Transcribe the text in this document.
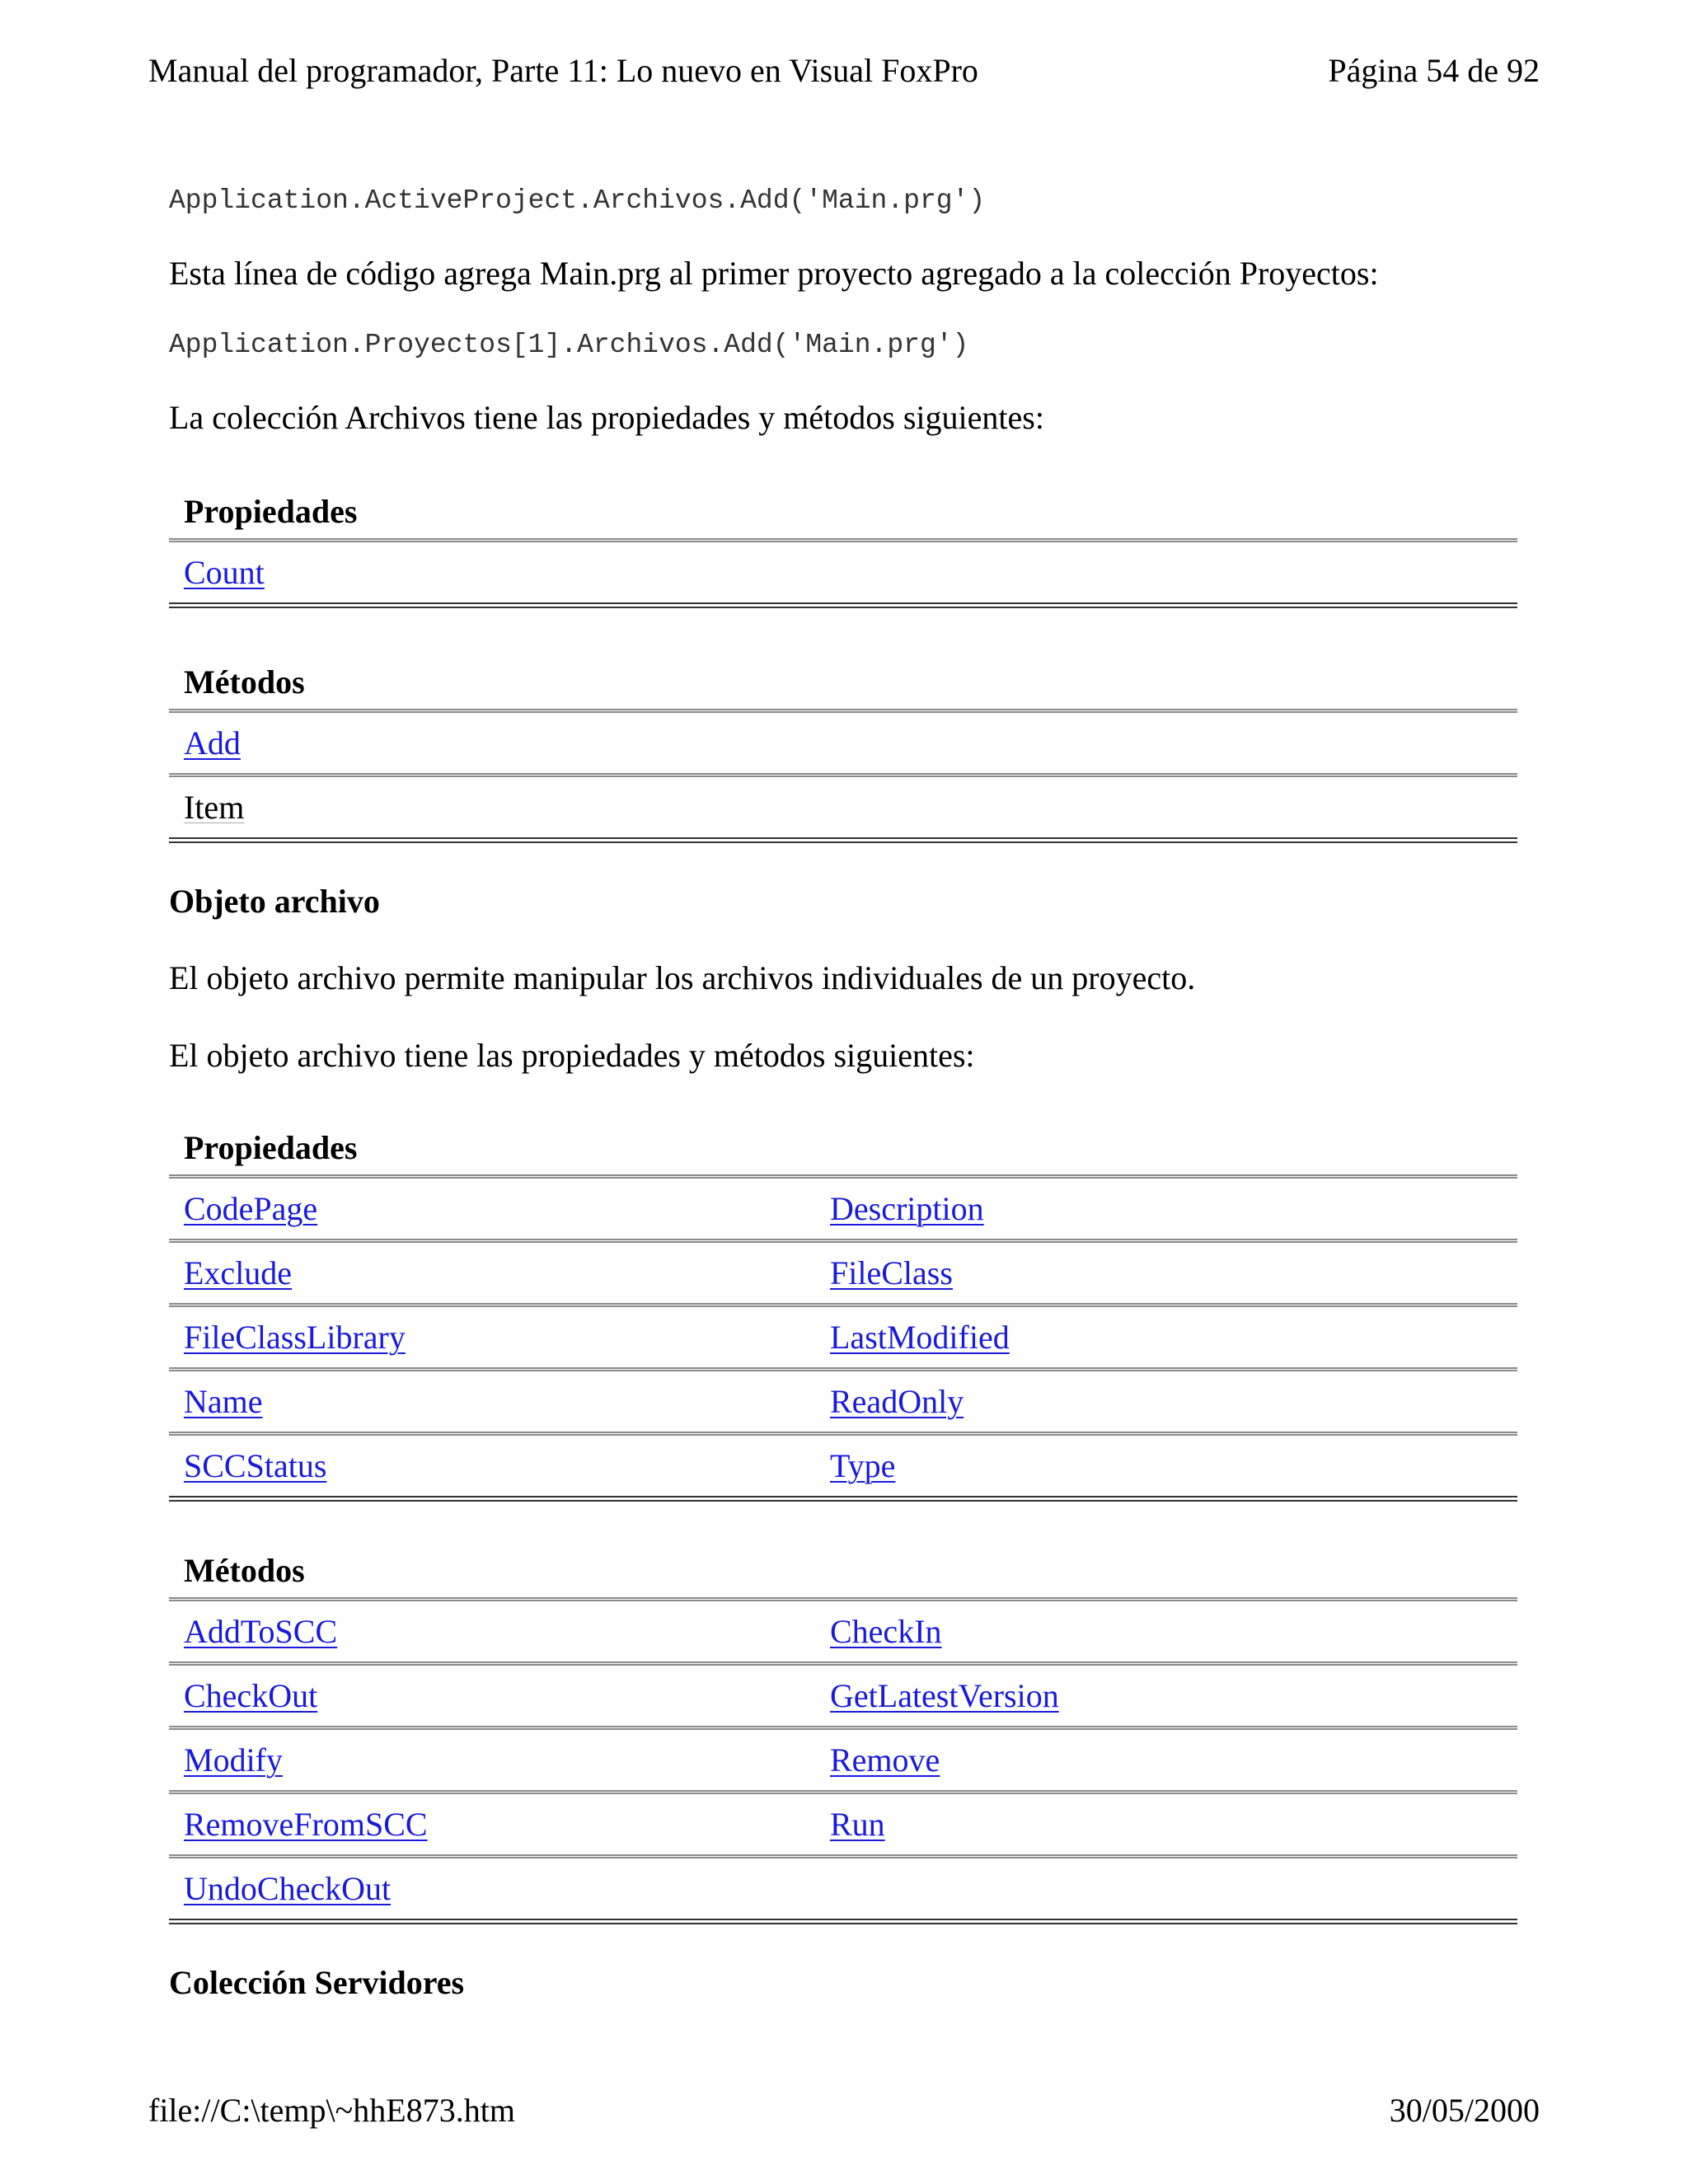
Manual del programador, Parte 11: Lo nuevo en Visual FoxPro	Página 54 de 92
Application.ActiveProject.Archivos.Add('Main.prg')
Esta línea de código agrega Main.prg al primer proyecto agregado a la colección Proyectos:
Application.Proyectos[1].Archivos.Add('Main.prg')
La colección Archivos tiene las propiedades y métodos siguientes:
Propiedades
Count
Métodos
Add
Item
Objeto archivo
El objeto archivo permite manipular los archivos individuales de un proyecto.
El objeto archivo tiene las propiedades y métodos siguientes:
Propiedades
CodePage	Description
Exclude	FileClass
FileClassLibrary	LastModified
Name	ReadOnly
SCCStatus	Type
Métodos
AddToSCC	CheckIn
CheckOut	GetLatestVersion
Modify	Remove
RemoveFromSCC	Run
UndoCheckOut
Colección Servidores
file://C:\temp\~hhE873.htm	30/05/2000
